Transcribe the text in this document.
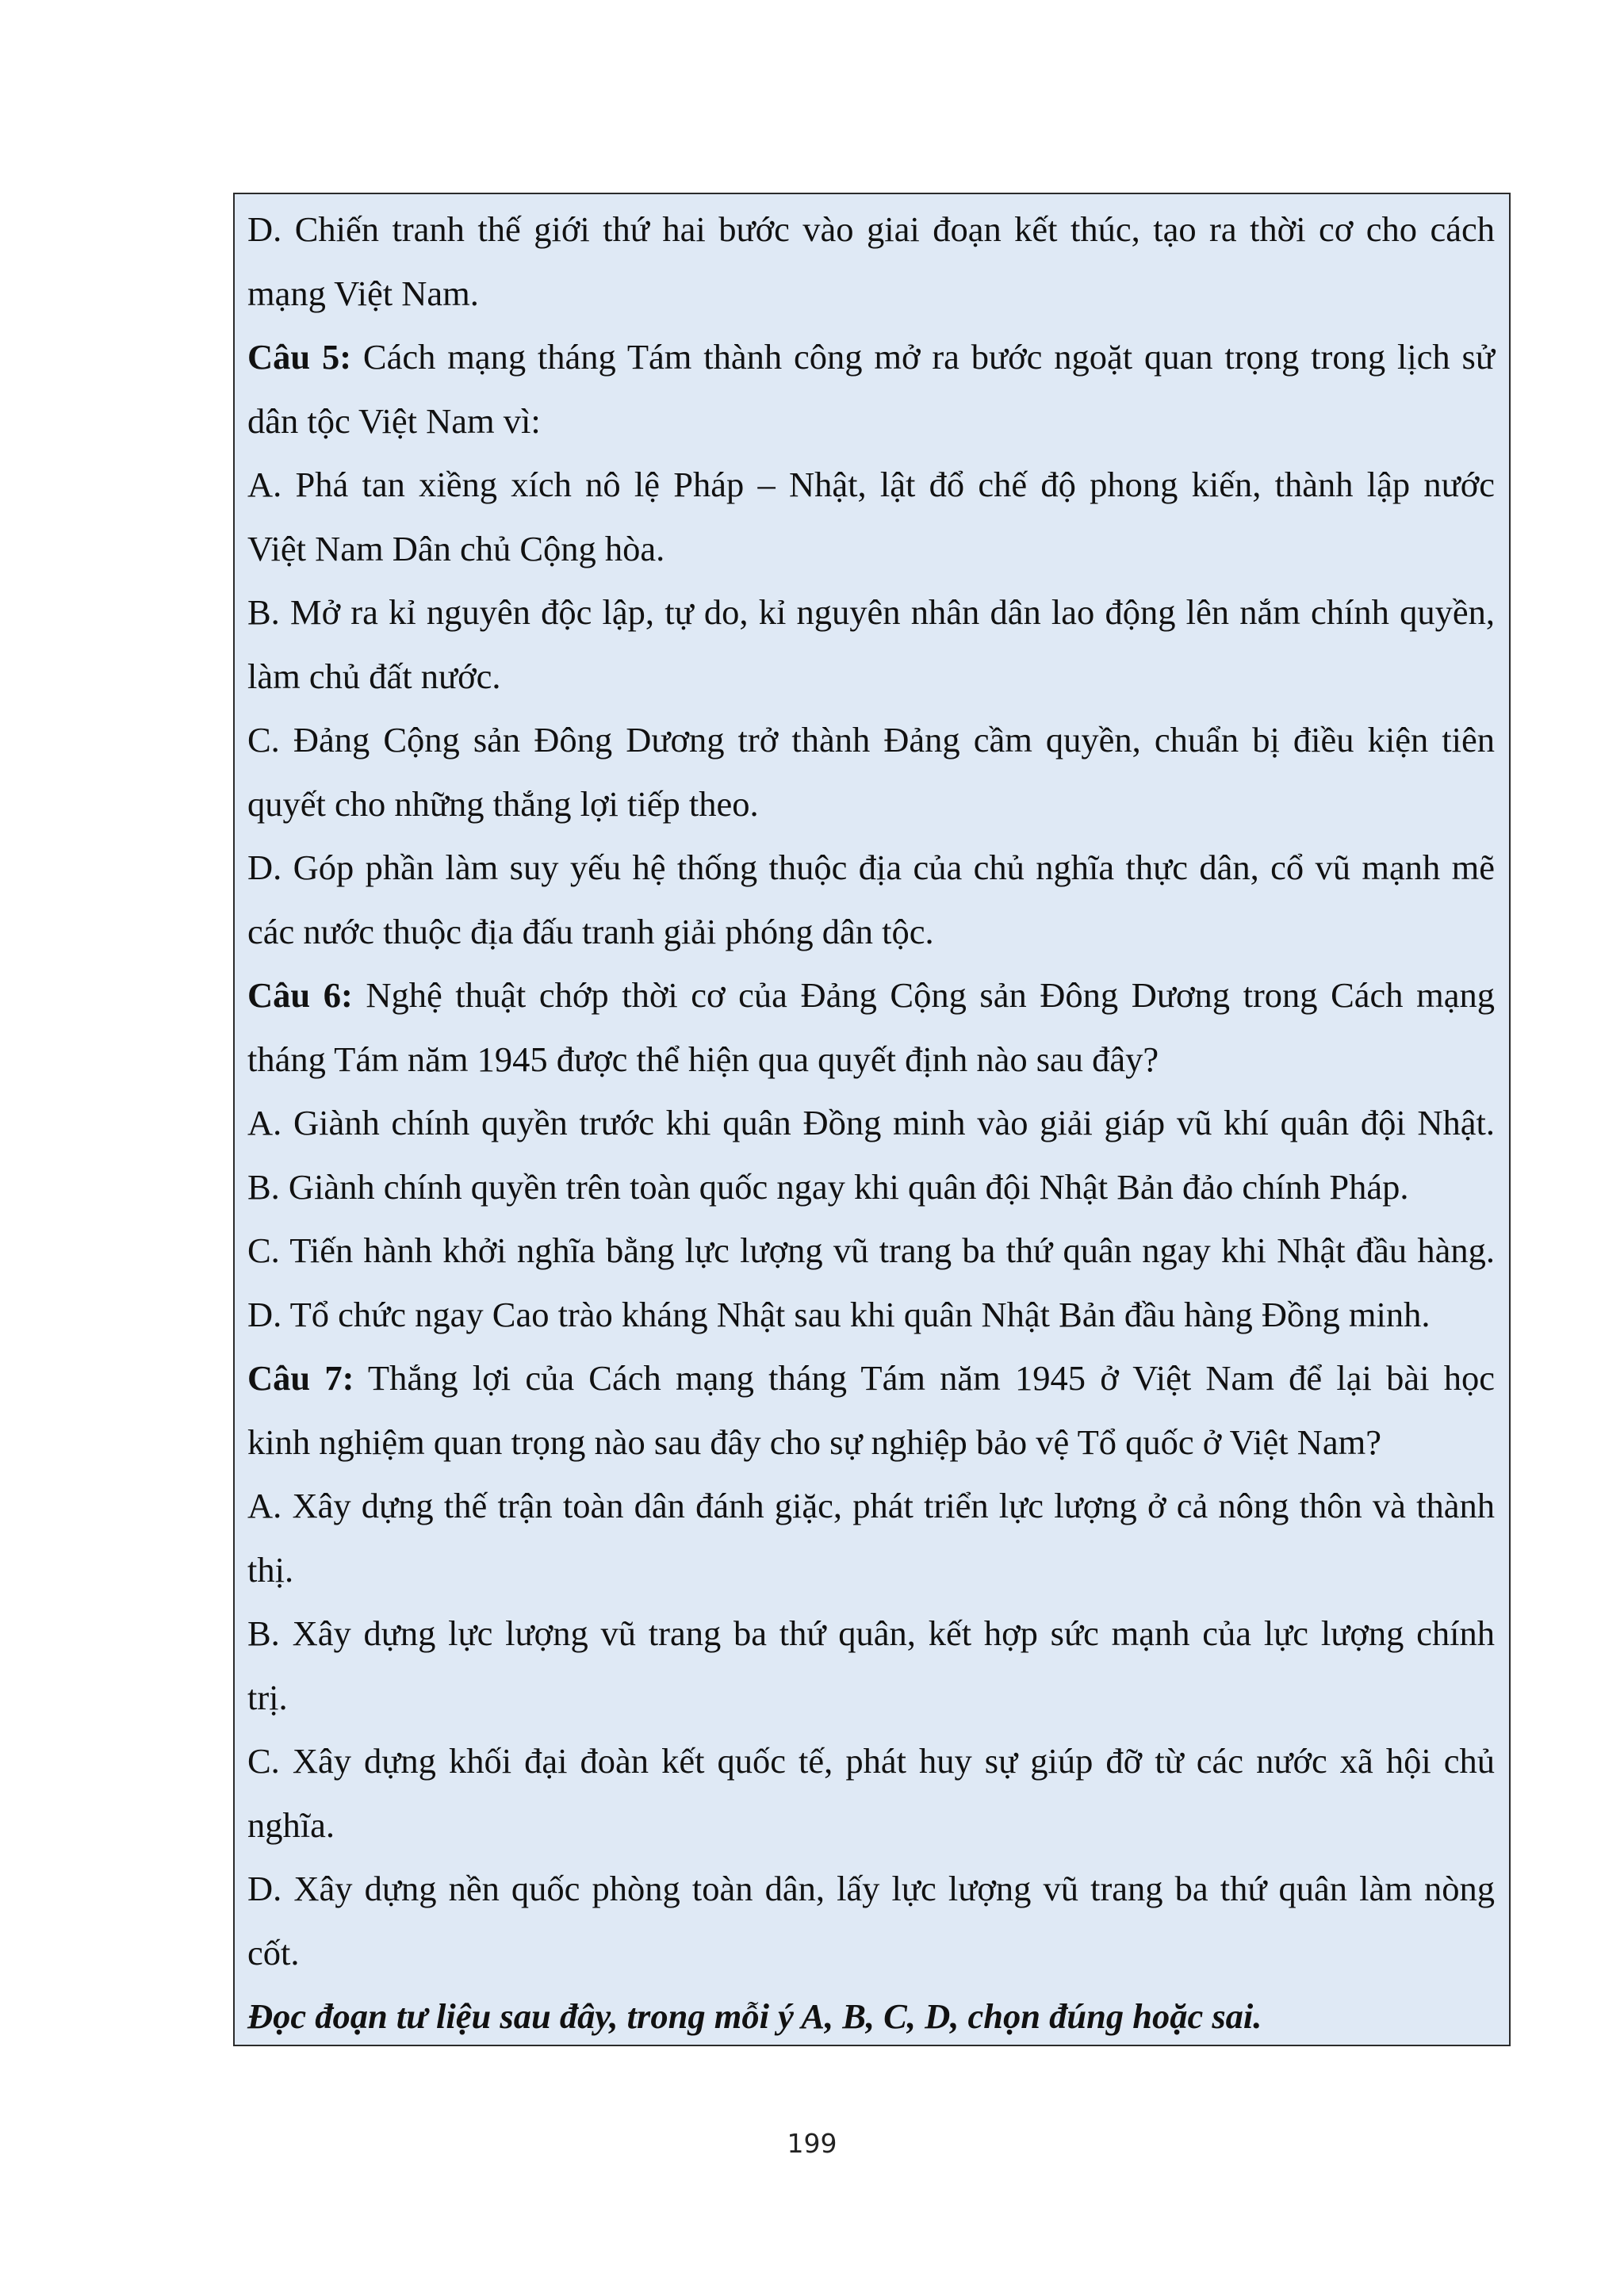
D. Chiến tranh thế giới thứ hai bước vào giai đoạn kết thúc, tạo ra thời cơ cho cách
mạng Việt Nam.
Câu 5: Cách mạng tháng Tám thành công mở ra bước ngoặt quan trọng trong lịch sử
dân tộc Việt Nam vì:
A. Phá tan xiềng xích nô lệ Pháp – Nhật, lật đổ chế độ phong kiến, thành lập nước
Việt Nam Dân chủ Cộng hòa.
B. Mở ra kỉ nguyên độc lập, tự do, kỉ nguyên nhân dân lao động lên nắm chính quyền,
làm chủ đất nước.
C. Đảng Cộng sản Đông Dương trở thành Đảng cầm quyền, chuẩn bị điều kiện tiên
quyết cho những thắng lợi tiếp theo.
D. Góp phần làm suy yếu hệ thống thuộc địa của chủ nghĩa thực dân, cổ vũ mạnh mẽ
các nước thuộc địa đấu tranh giải phóng dân tộc.
Câu 6: Nghệ thuật chớp thời cơ của Đảng Cộng sản Đông Dương trong Cách mạng
tháng Tám năm 1945 được thể hiện qua quyết định nào sau đây?
A. Giành chính quyền trước khi quân Đồng minh vào giải giáp vũ khí quân đội Nhật.
B. Giành chính quyền trên toàn quốc ngay khi quân đội Nhật Bản đảo chính Pháp.
C. Tiến hành khởi nghĩa bằng lực lượng vũ trang ba thứ quân ngay khi Nhật đầu hàng.
D. Tổ chức ngay Cao trào kháng Nhật sau khi quân Nhật Bản đầu hàng Đồng minh.
Câu 7: Thắng lợi của Cách mạng tháng Tám năm 1945 ở Việt Nam để lại bài học
kinh nghiệm quan trọng nào sau đây cho sự nghiệp bảo vệ Tổ quốc ở Việt Nam?
A. Xây dựng thế trận toàn dân đánh giặc, phát triển lực lượng ở cả nông thôn và thành
thị.
B. Xây dựng lực lượng vũ trang ba thứ quân, kết hợp sức mạnh của lực lượng chính
trị.
C. Xây dựng khối đại đoàn kết quốc tế, phát huy sự giúp đỡ từ các nước xã hội chủ
nghĩa.
D. Xây dựng nền quốc phòng toàn dân, lấy lực lượng vũ trang ba thứ quân làm nòng
cốt.
Đọc đoạn tư liệu sau đây, trong mỗi ý A, B, C, D, chọn đúng hoặc sai.
199
